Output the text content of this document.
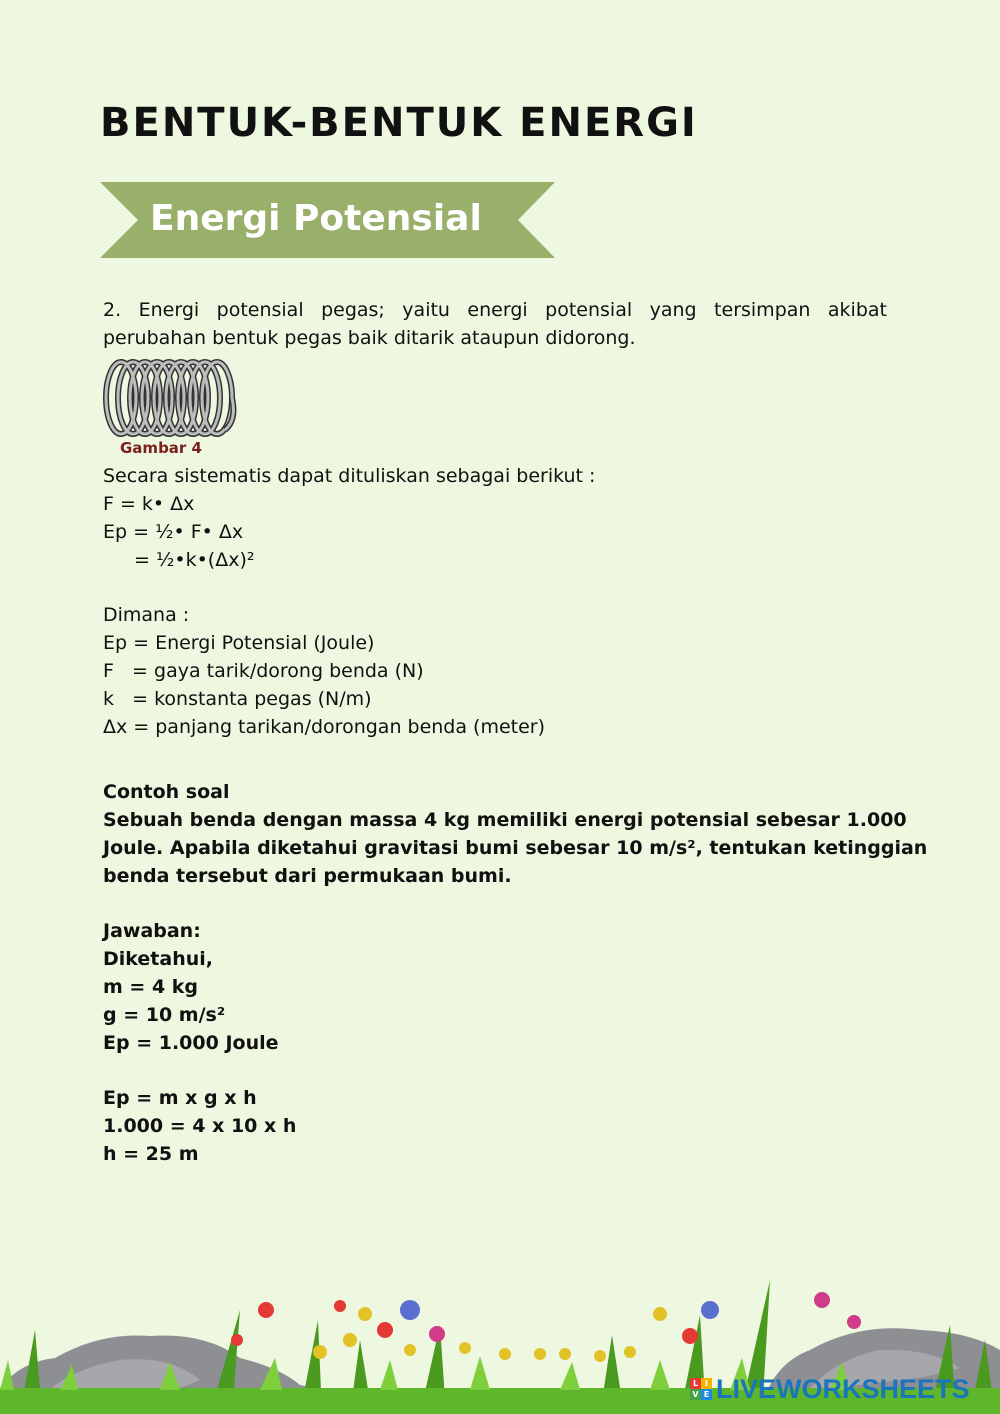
BENTUK-BENTUK ENERGI
Energi Potensial
2. Energi potensial pegas; yaitu energi potensial yang tersimpan akibat perubahan bentuk pegas baik ditarik ataupun didorong.
Gambar 4
Secara sistematis dapat dituliskan sebagai berikut :
F = k• Δx
Ep = ½• F• Δx
= ½•k•(Δx)²
Dimana :
Ep = Energi Potensial (Joule)
F   = gaya tarik/dorong benda (N)
k   = konstanta pegas (N/m)
Δx = panjang tarikan/dorongan benda (meter)
Contoh soal
Sebuah benda dengan massa 4 kg memiliki energi potensial sebesar 1.000
Joule. Apabila diketahui gravitasi bumi sebesar 10 m/s², tentukan ketinggian
benda tersebut dari permukaan bumi.
Jawaban:
Diketahui,
m = 4 kg
g = 10 m/s²
Ep = 1.000 Joule
Ep = m x g x h
1.000 = 4 x 10 x h
h = 25 m
L I
V E LIVEWORKSHEETS
